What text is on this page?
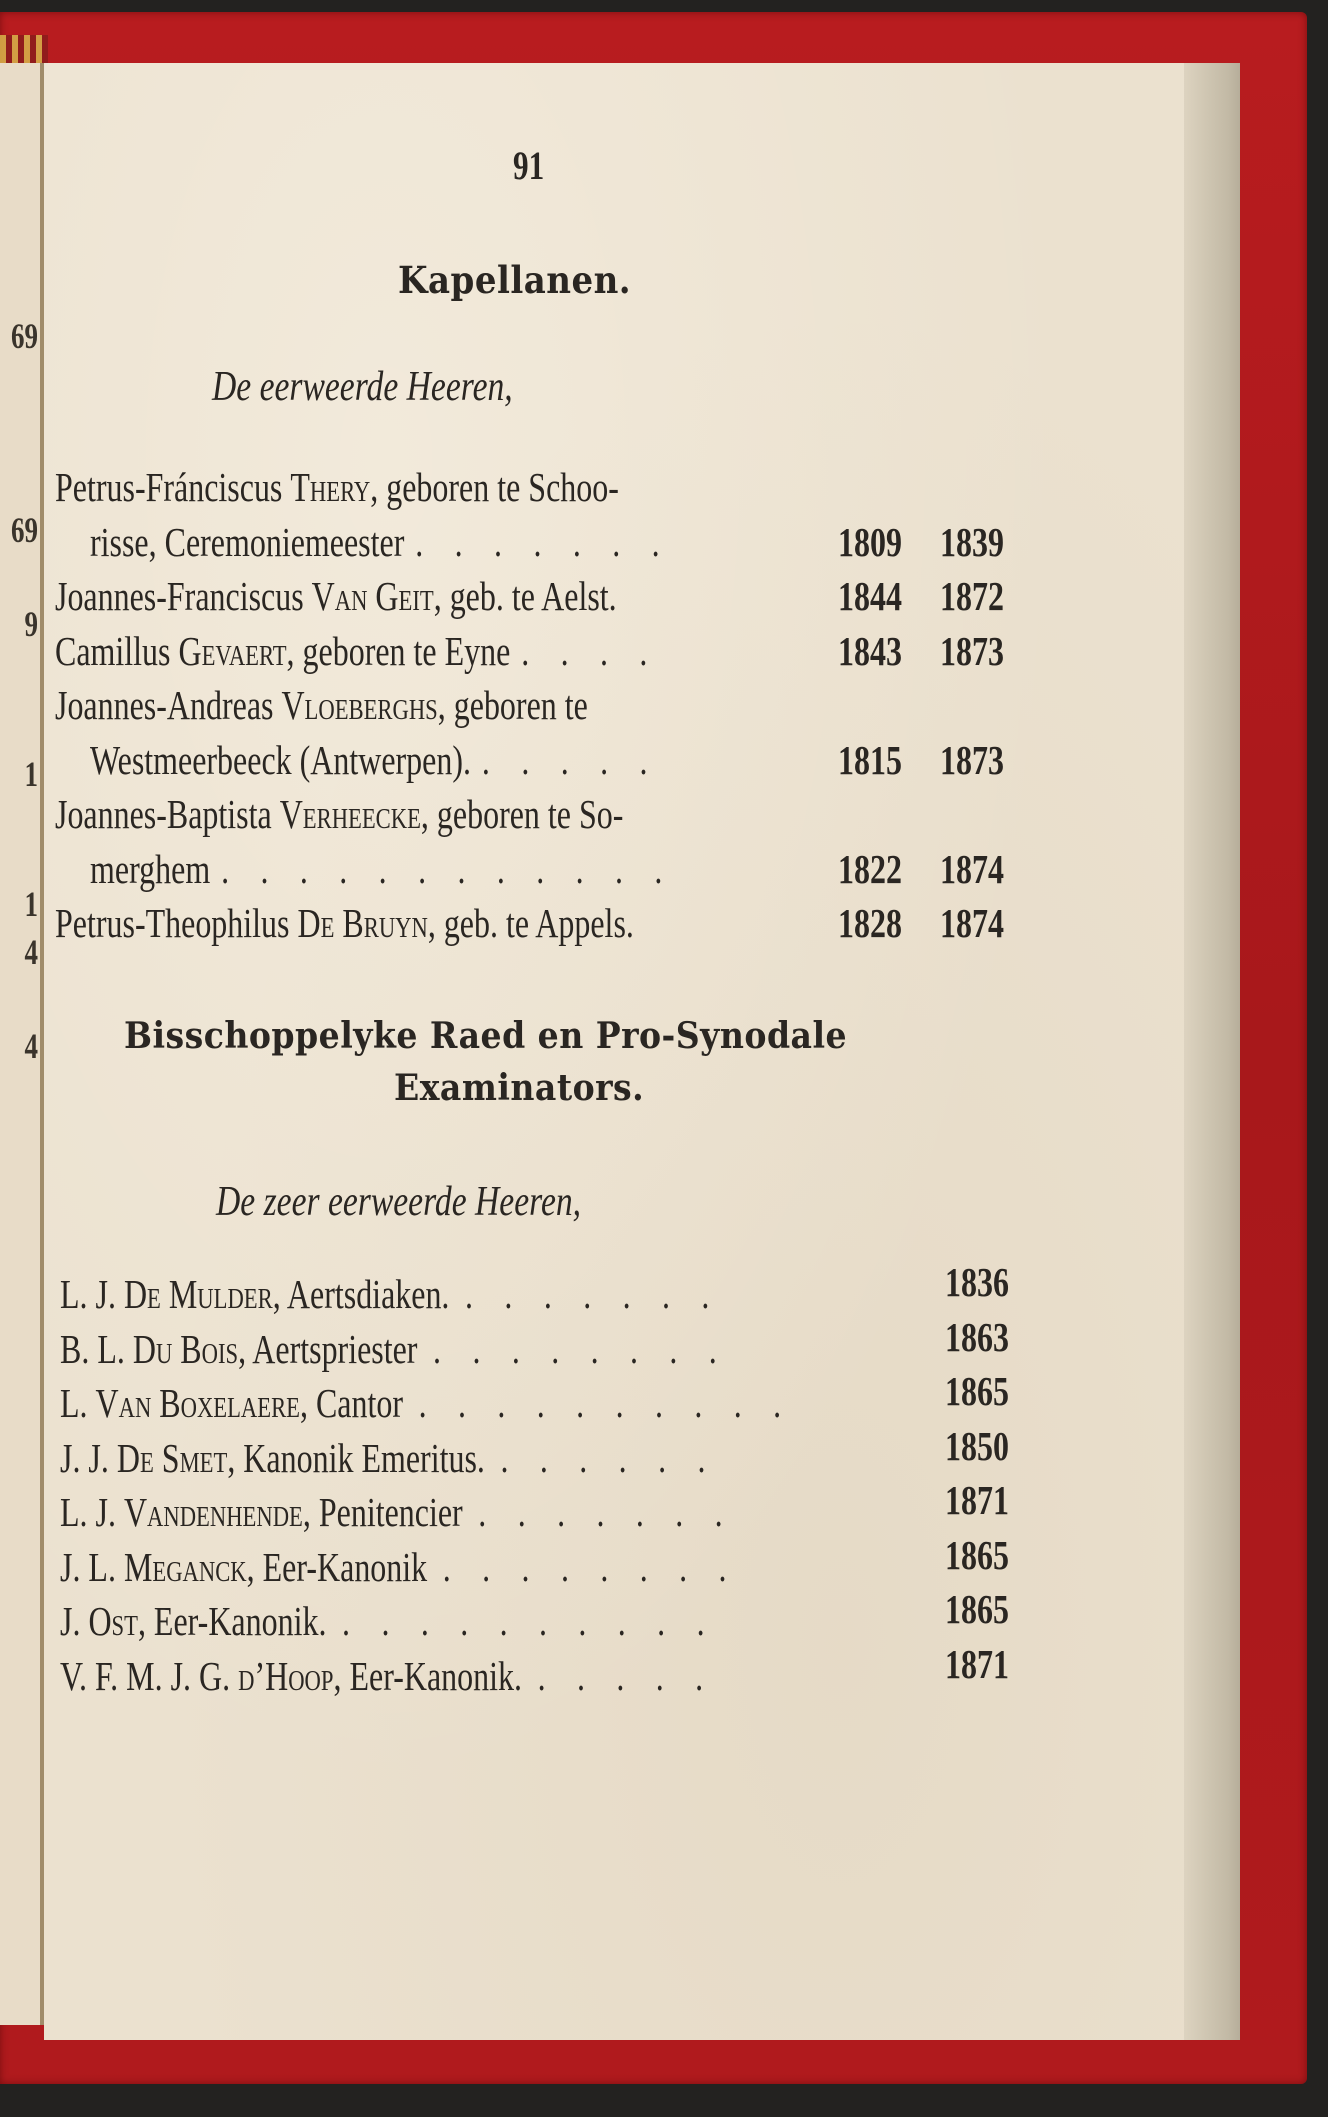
69
69
9
1
1
4
4
91
Kapellanen.
De eerweerde Heeren,
Petrus-Fránciscus Thery, geboren te Schoo-
risse, Ceremoniemeester . . . . . . .	1809 1839
Joannes-Franciscus Van Geit, geb. te Aelst.	1844 1872
Camillus Gevaert, geboren te Eyne . . . .	1843 1873
Joannes-Andreas Vloeberghs, geboren te
Westmeerbeeck (Antwerpen). . . . . .	1815 1873
Joannes-Baptista Verheecke, geboren te So-
merghem . . . . . . . . . . . .	1822 1874
Petrus-Theophilus De Bruyn, geb. te Appels.	1828 1874
Bisschoppelyke Raed en Pro-Synodale
Examinators.
De zeer eerweerde Heeren,
L. J. De Mulder, Aertsdiaken. . . . . . . .	1836
B. L. Du Bois, Aertspriester . . . . . . . .	1863
L. Van Boxelaere, Cantor . . . . . . . . . .	1865
J. J. De Smet, Kanonik Emeritus. . . . . . .	1850
L. J. Vandenhende, Penitencier . . . . . . .	1871
J. L. Meganck, Eer-Kanonik . . . . . . . .	1865
J. Ost, Eer-Kanonik. . . . . . . . . . .	1865
V. F. M. J. G. d’Hoop, Eer-Kanonik. . . . . .	1871
